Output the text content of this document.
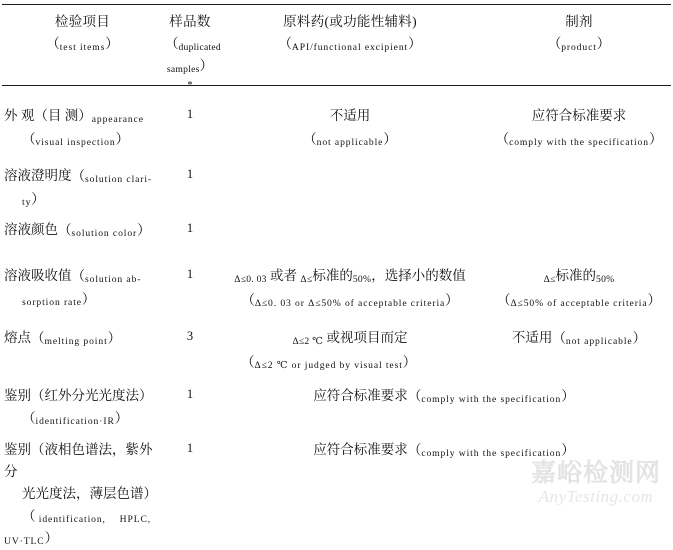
检验项目
（test items）	样品数
（duplicated
samples）*	原料药(或功能性辅料)
（API/functional excipient）	制剂
（product）

外 观（目 测）appearance
（visual inspection）	1	不适用
（not applicable）	应符合标准要求
（comply with the specification）

溶液澄明度（solution clari-
ty）	1		
溶液颜色（solution color）	1		
溶液吸收值（solution ab-
sorption rate）	1	Δ≤0. 03 或者 Δ≤标准的50%，选择小的数值
（Δ≤0. 03 or Δ≤50% of acceptable criteria）	Δ≤标准的50%
（Δ≤50% of acceptable criteria）

熔点（melting point）	3	Δ≤2 ℃ 或视项目而定
（Δ≤2 ℃ or judged by visual test）	不适用（not applicable）

鉴别（红外分光光度法）
（identification·IR）	1	应符合标准要求（comply with the specification）	

鉴别（液相色谱法，紫外分
光光度法，薄层色谱）
（ identification,　 HPLC,
UV·TLC）	1	应符合标准要求（comply with the specification）	
嘉峪检测网
AnyTesting.com
